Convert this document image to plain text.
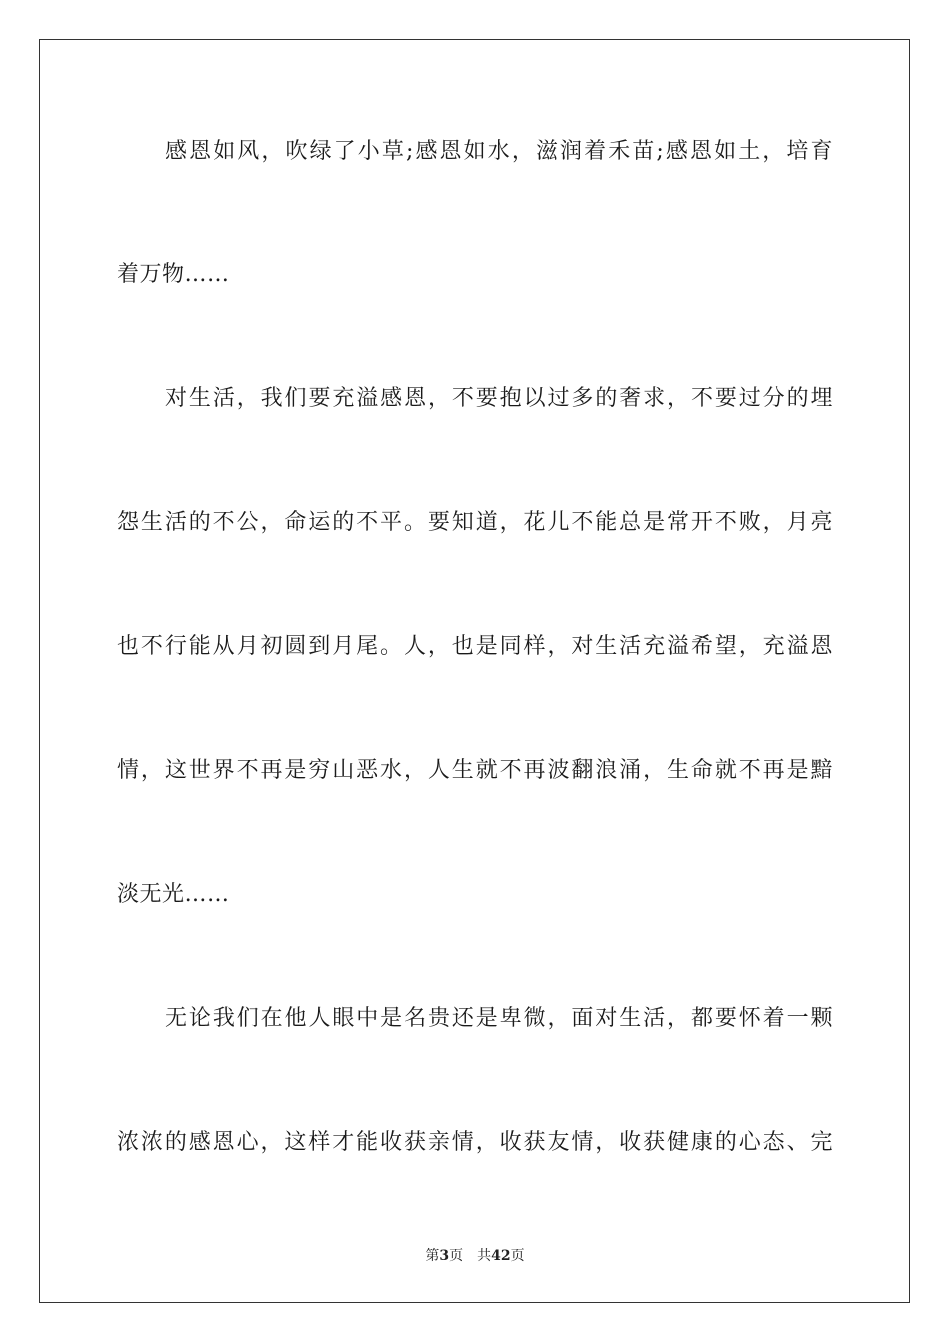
感恩如风，吹绿了小草;感恩如水，滋润着禾苗;感恩如土，培育
着万物……
对生活，我们要充溢感恩，不要抱以过多的奢求，不要过分的埋
怨生活的不公，命运的不平。要知道，花儿不能总是常开不败，月亮
也不行能从月初圆到月尾。人，也是同样，对生活充溢希望，充溢恩
情，这世界不再是穷山恶水，人生就不再波翻浪涌，生命就不再是黯
淡无光……
无论我们在他人眼中是名贵还是卑微，面对生活，都要怀着一颗
浓浓的感恩心，这样才能收获亲情，收获友情，收获健康的心态、完
第3页 共42页
